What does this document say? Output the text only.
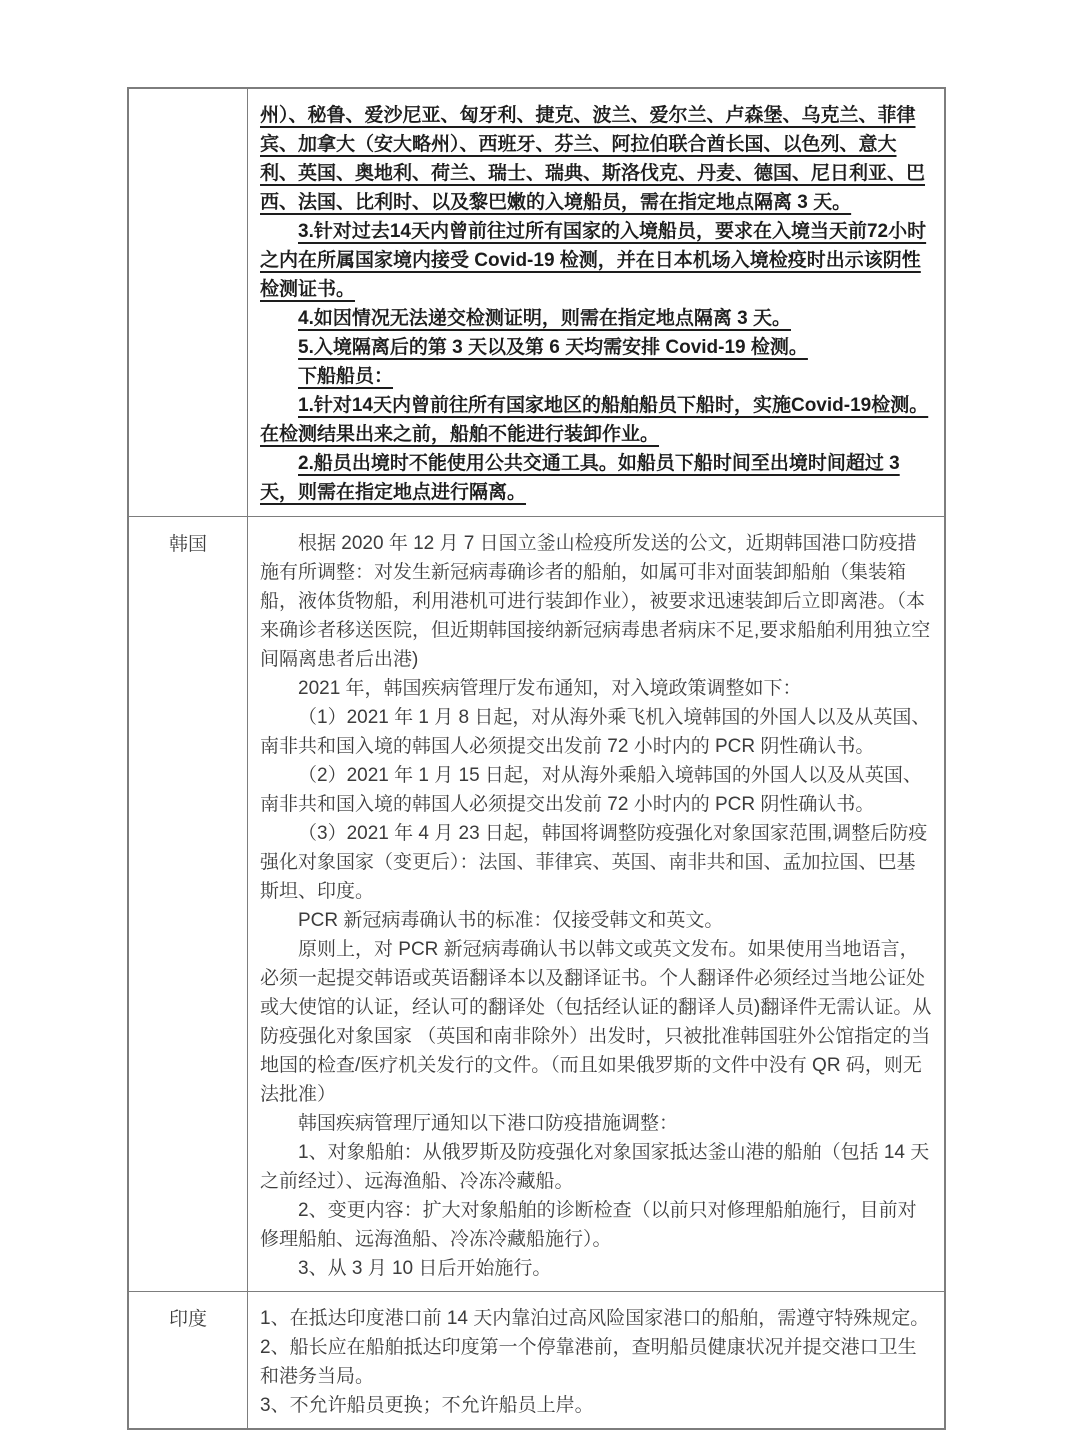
州）、秘鲁、爱沙尼亚、匈牙利、捷克、波兰、爱尔兰、卢森堡、乌克兰、菲律宾、加拿大（安大略州）、西班牙、芬兰、阿拉伯联合酋长国、以色列、意大利、英国、奥地利、荷兰、瑞士、瑞典、斯洛伐克、丹麦、德国、尼日利亚、巴西、法国、比利时、以及黎巴嫩的入境船员，需在指定地点隔离 3 天。

3.针对过去14天内曾前往过所有国家的入境船员，要求在入境当天前72小时之内在所属国家境内接受 Covid-19 检测，并在日本机场入境检疫时出示该阴性检测证书。

4.如因情况无法递交检测证明，则需在指定地点隔离 3 天。

5.入境隔离后的第 3 天以及第 6 天均需安排 Covid-19 检测。

下船船员：

1.针对14天内曾前往所有国家地区的船舶船员下船时，实施Covid-19检测。在检测结果出来之前，船舶不能进行装卸作业。

2.船员出境时不能使用公共交通工具。如船员下船时间至出境时间超过 3 天，则需在指定地点进行隔离。

韩国	根据 2020 年 12 月 7 日国立釜山检疫所发送的公文，近期韩国港口防疫措施有所调整：对发生新冠病毒确诊者的船舶，如属可非对面装卸船舶（集装箱船，液体货物船，利用港机可进行装卸作业），被要求迅速装卸后立即离港。（本来确诊者移送医院，但近期韩国接纳新冠病毒患者病床不足,要求船舶利用独立空间隔离患者后出港)

2021 年，韩国疾病管理厅发布通知，对入境政策调整如下：

（1）2021 年 1 月 8 日起，对从海外乘飞机入境韩国的外国人以及从英国、南非共和国入境的韩国人必须提交出发前 72 小时内的 PCR 阴性确认书。

（2）2021 年 1 月 15 日起，对从海外乘船入境韩国的外国人以及从英国、南非共和国入境的韩国人必须提交出发前 72 小时内的 PCR 阴性确认书。

（3）2021 年 4 月 23 日起，韩国将调整防疫强化对象国家范围,调整后防疫强化对象国家（变更后）：法国、菲律宾、英国、南非共和国、孟加拉国、巴基斯坦、印度。

PCR 新冠病毒确认书的标准：仅接受韩文和英文。

原则上，对 PCR 新冠病毒确认书以韩文或英文发布。如果使用当地语言，必须一起提交韩语或英语翻译本以及翻译证书。个人翻译件必须经过当地公证处或大使馆的认证，经认可的翻译处（包括经认证的翻译人员)翻译件无需认证。从防疫强化对象国家 （英国和南非除外）出发时，只被批准韩国驻外公馆指定的当地国的检查/医疗机关发行的文件。（而且如果俄罗斯的文件中没有 QR 码，则无法批准）

韩国疾病管理厅通知以下港口防疫措施调整：

1、对象船舶：从俄罗斯及防疫强化对象国家抵达釜山港的船舶（包括 14 天之前经过）、远海渔船、冷冻冷藏船。

2、变更内容：扩大对象船舶的诊断检查（以前只对修理船舶施行，目前对修理船舶、远海渔船、冷冻冷藏船施行）。

3、从 3 月 10 日后开始施行。

印度	1、在抵达印度港口前 14 天内靠泊过高风险国家港口的船舶，需遵守特殊规定。

2、船长应在船舶抵达印度第一个停靠港前，查明船员健康状况并提交港口卫生和港务当局。

3、不允许船员更换；不允许船员上岸。
